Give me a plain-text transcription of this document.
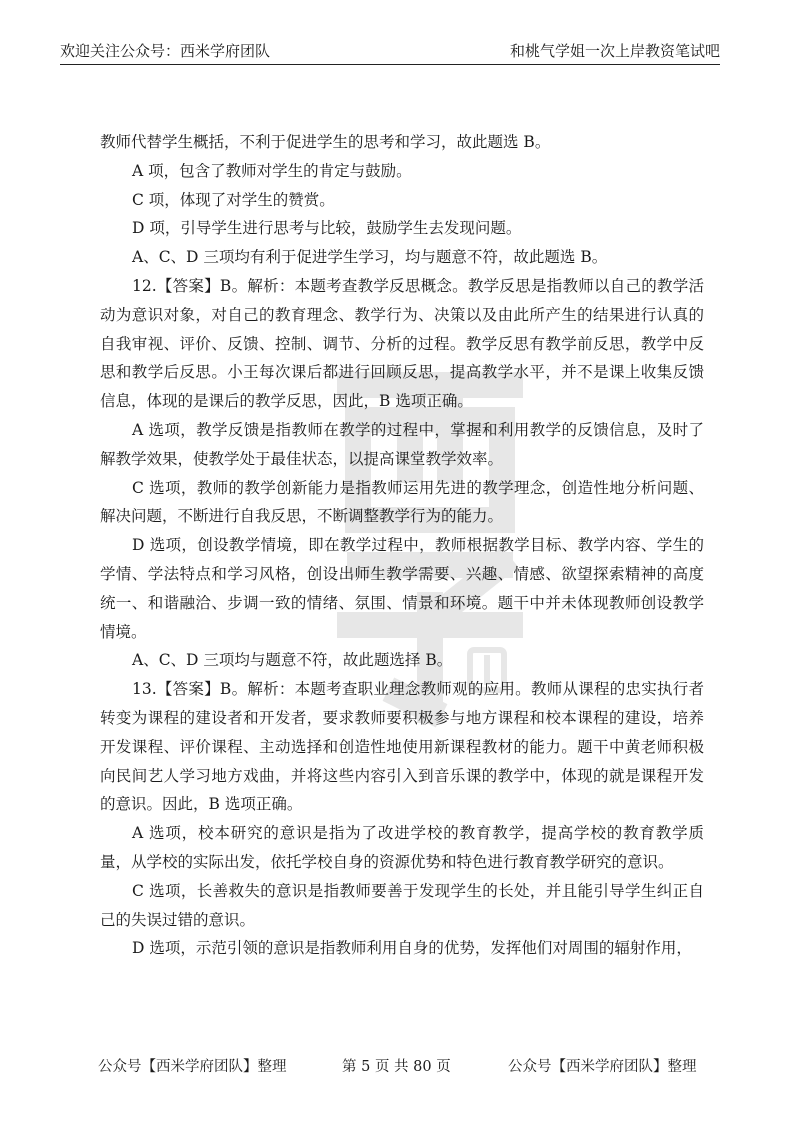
欢迎关注公众号：西米学府团队	和桃气学姐一次上岸教资笔试吧

教师代替学生概括，不利于促进学生的思考和学习，故此题选 B。

A 项，包含了教师对学生的肯定与鼓励。

C 项，体现了对学生的赞赏。

D 项，引导学生进行思考与比较，鼓励学生去发现问题。

A、C、D 三项均有利于促进学生学习，均与题意不符，故此题选 B。

12.【答案】B。解析：本题考查教学反思概念。教学反思是指教师以自己的教学活动为意识对象，对自己的教育理念、教学行为、决策以及由此所产生的结果进行认真的自我审视、评价、反馈、控制、调节、分析的过程。教学反思有教学前反思，教学中反思和教学后反思。小王每次课后都进行回顾反思，提高教学水平，并不是课上收集反馈信息，体现的是课后的教学反思，因此，B 选项正确。

A 选项，教学反馈是指教师在教学的过程中，掌握和利用教学的反馈信息，及时了解教学效果，使教学处于最佳状态，以提高课堂教学效率。

C 选项，教师的教学创新能力是指教师运用先进的教学理念，创造性地分析问题、解决问题，不断进行自我反思，不断调整教学行为的能力。

D 选项，创设教学情境，即在教学过程中，教师根据教学目标、教学内容、学生的学情、学法特点和学习风格，创设出师生教学需要、兴趣、情感、欲望探索精神的高度统一、和谐融洽、步调一致的情绪、氛围、情景和环境。题干中并未体现教师创设教学情境。

A、C、D 三项均与题意不符，故此题选择 B。

13.【答案】B。解析：本题考查职业理念教师观的应用。教师从课程的忠实执行者转变为课程的建设者和开发者，要求教师要积极参与地方课程和校本课程的建设，培养开发课程、评价课程、主动选择和创造性地使用新课程教材的能力。题干中黄老师积极向民间艺人学习地方戏曲，并将这些内容引入到音乐课的教学中，体现的就是课程开发的意识。因此，B 选项正确。

A 选项，校本研究的意识是指为了改进学校的教育教学，提高学校的教育教学质量，从学校的实际出发，依托学校自身的资源优势和特色进行教育教学研究的意识。

C 选项，长善救失的意识是指教师要善于发现学生的长处，并且能引导学生纠正自己的失误过错的意识。

D 选项，示范引领的意识是指教师利用自身的优势，发挥他们对周围的辐射作用，

公众号【西米学府团队】整理	第 5 页 共 80 页	公众号【西米学府团队】整理
